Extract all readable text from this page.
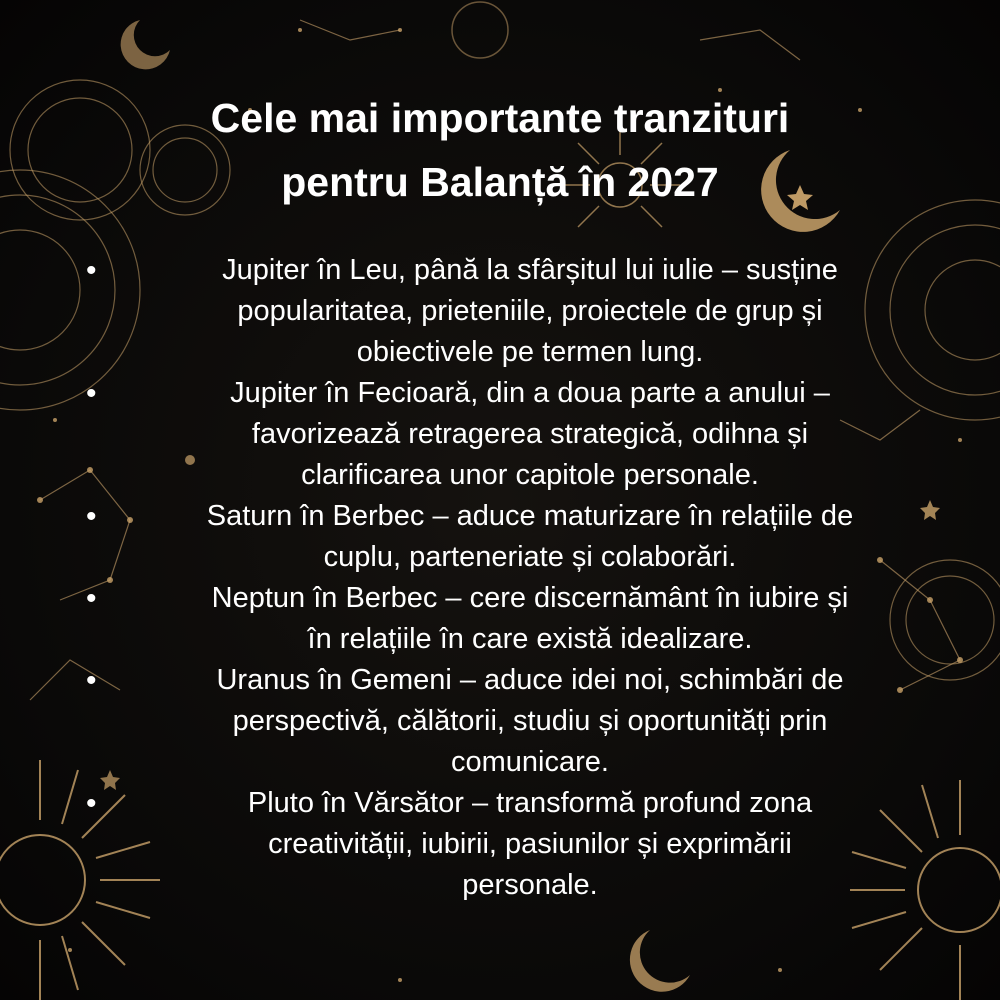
Cele mai importante tranzituri
pentru Balanță în 2027
•	Jupiter în Leu, până la sfârșitul lui iulie – susține
popularitatea, prieteniile, proiectele de grup și
obiectivele pe termen lung.
•	Jupiter în Fecioară, din a doua parte a anului –
favorizează retragerea strategică, odihna și
clarificarea unor capitole personale.
•	Saturn în Berbec – aduce maturizare în relațiile de
cuplu, parteneriate și colaborări.
•	Neptun în Berbec – cere discernământ în iubire și
în relațiile în care există idealizare.
•	Uranus în Gemeni – aduce idei noi, schimbări de
perspectivă, călătorii, studiu și oportunități prin
comunicare.
•	Pluto în Vărsător – transformă profund zona
creativității, iubirii, pasiunilor și exprimării
personale.
